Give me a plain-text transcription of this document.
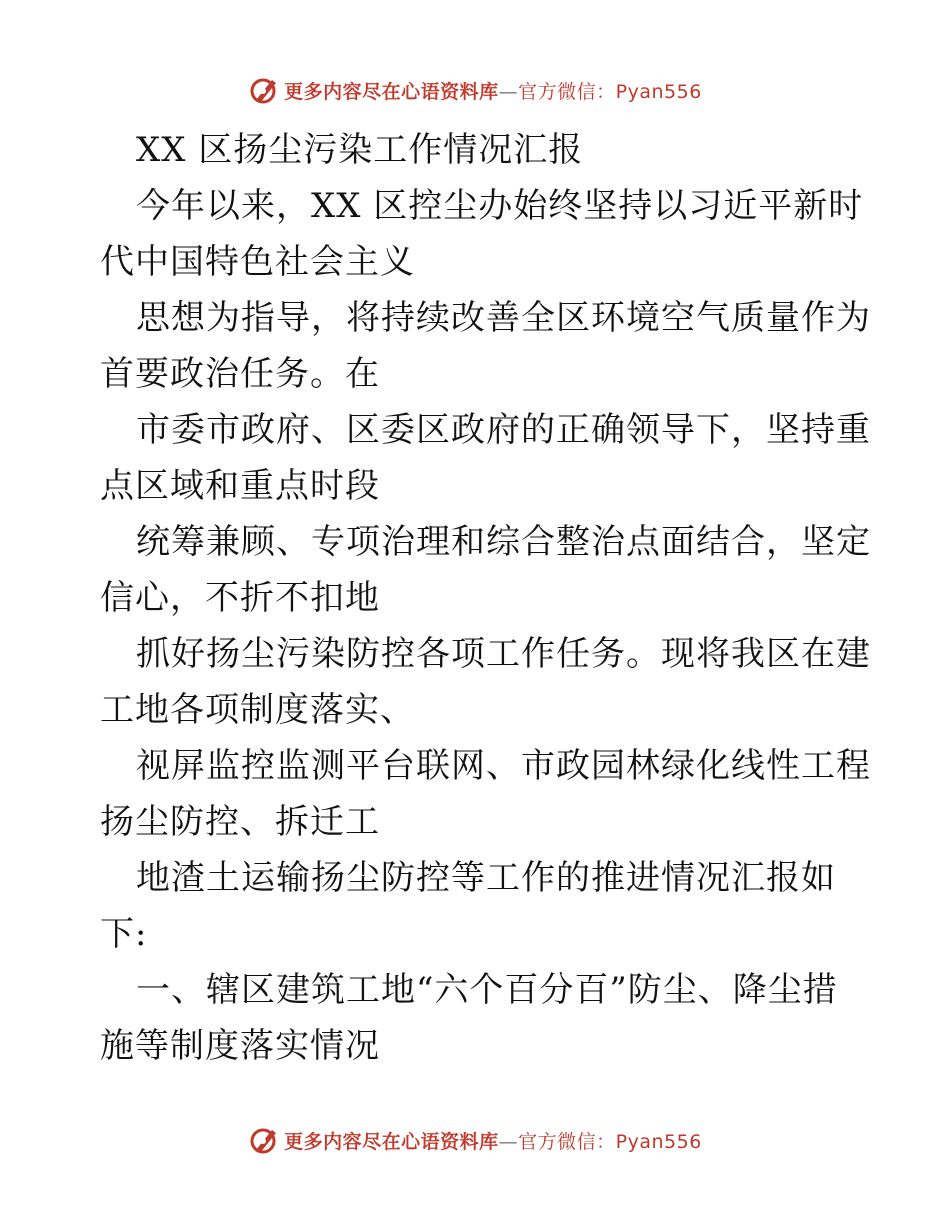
更多内容尽在心语资料库—官方微信：Pyan556

XX 区扬尘污染工作情况汇报

今年以来，XX 区控尘办始终坚持以习近平新时
代中国特色社会主义

思想为指导，将持续改善全区环境空气质量作为
首要政治任务。在

市委市政府、区委区政府的正确领导下，坚持重
点区域和重点时段

统筹兼顾、专项治理和综合整治点面结合，坚定
信心，不折不扣地

抓好扬尘污染防控各项工作任务。现将我区在建
工地各项制度落实、

视屏监控监测平台联网、市政园林绿化线性工程
扬尘防控、拆迁工

地渣土运输扬尘防控等工作的推进情况汇报如
下:

一、辖区建筑工地“六个百分百”防尘、降尘措
施等制度落实情况

更多内容尽在心语资料库—官方微信：Pyan556
